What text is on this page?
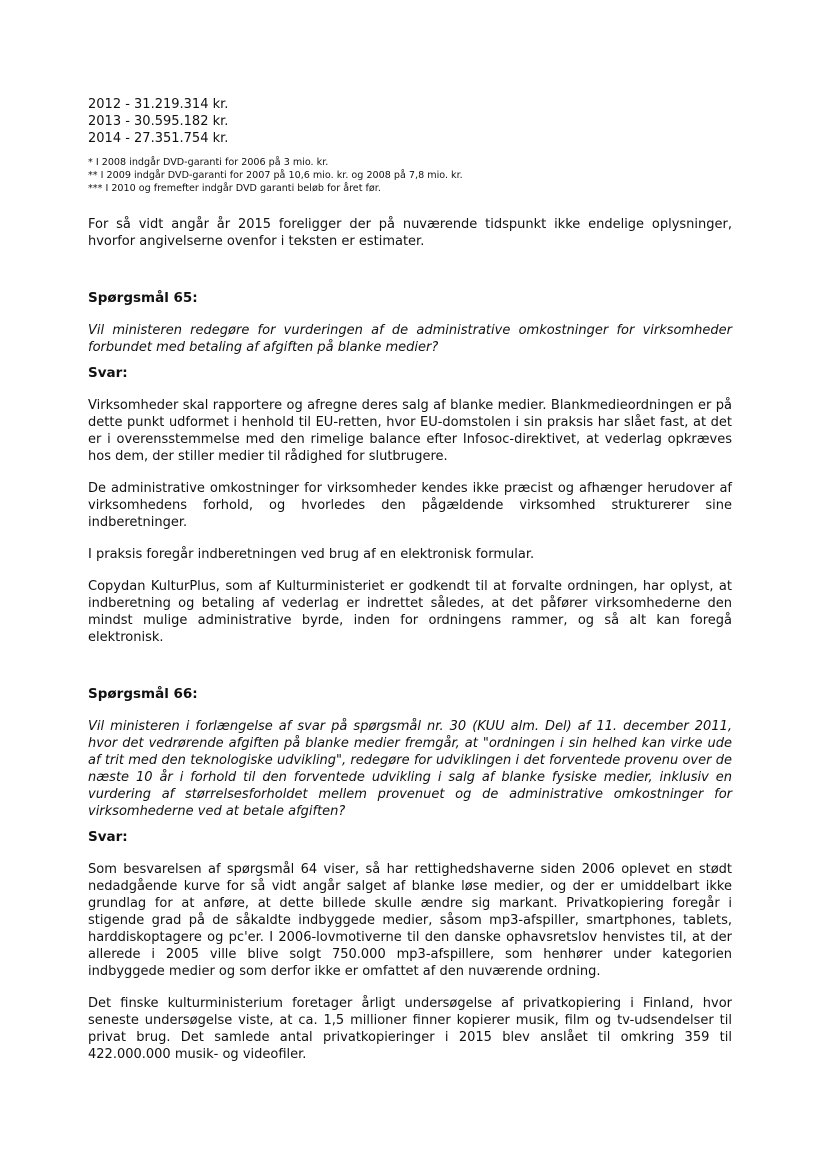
2012 - 31.219.314 kr.

2013 - 30.595.182 kr.

2014 - 27.351.754 kr.

* I 2008 indgår DVD-garanti for 2006 på 3 mio. kr.

** I 2009 indgår DVD-garanti for 2007 på 10,6 mio. kr. og 2008 på 7,8 mio. kr.

*** I 2010 og fremefter indgår DVD garanti beløb for året før.

For så vidt angår år 2015 foreligger der på nuværende tidspunkt ikke endelige oplysninger, hvorfor angivelserne ovenfor i teksten er estimater.

Spørgsmål 65:

Vil ministeren redegøre for vurderingen af de administrative omkostninger for virksomheder forbundet med betaling af afgiften på blanke medier?

Svar:

Virksomheder skal rapportere og afregne deres salg af blanke medier. Blankmedieordningen er på dette punkt udformet i henhold til EU-retten, hvor EU-domstolen i sin praksis har slået fast, at det er i overensstemmelse med den rimelige balance efter Infosoc-direktivet, at vederlag opkræves hos dem, der stiller medier til rådighed for slutbrugere.

De administrative omkostninger for virksomheder kendes ikke præcist og afhænger herudover af virksomhedens forhold, og hvorledes den pågældende virksomhed strukturerer sine indberetninger.

I praksis foregår indberetningen ved brug af en elektronisk formular.

Copydan KulturPlus, som af Kulturministeriet er godkendt til at forvalte ordningen, har oplyst, at indberetning og betaling af vederlag er indrettet således, at det påfører virksomhederne den mindst mulige administrative byrde, inden for ordningens rammer, og så alt kan foregå elektronisk.

Spørgsmål 66:

Vil ministeren i forlængelse af svar på spørgsmål nr. 30 (KUU alm. Del) af 11. december 2011, hvor det vedrørende afgiften på blanke medier fremgår, at "ordningen i sin helhed kan virke ude af trit med den teknologiske udvikling", redegøre for udviklingen i det forventede provenu over de næste 10 år i forhold til den forventede udvikling i salg af blanke fysiske medier, inklusiv en vurdering af størrelsesforholdet mellem provenuet og de administrative omkostninger for virksomhederne ved at betale afgiften?

Svar:

Som besvarelsen af spørgsmål 64 viser, så har rettighedshaverne siden 2006 oplevet en stødt nedadgående kurve for så vidt angår salget af blanke løse medier, og der er umiddelbart ikke grundlag for at anføre, at dette billede skulle ændre sig markant. Privatkopiering foregår i stigende grad på de såkaldte indbyggede medier, såsom mp3-afspiller, smartphones, tablets, harddiskoptagere og pc'er. I 2006-lovmotiverne til den danske ophavsretslov henvistes til, at der allerede i 2005 ville blive solgt 750.000 mp3-afspillere, som henhører under kategorien indbyggede medier og som derfor ikke er omfattet af den nuværende ordning.

Det finske kulturministerium foretager årligt undersøgelse af privatkopiering i Finland, hvor seneste undersøgelse viste, at ca. 1,5 millioner finner kopierer musik, film og tv-udsendelser til privat brug. Det samlede antal privatkopieringer i 2015 blev anslået til omkring 359 til 422.000.000 musik- og videofiler.
